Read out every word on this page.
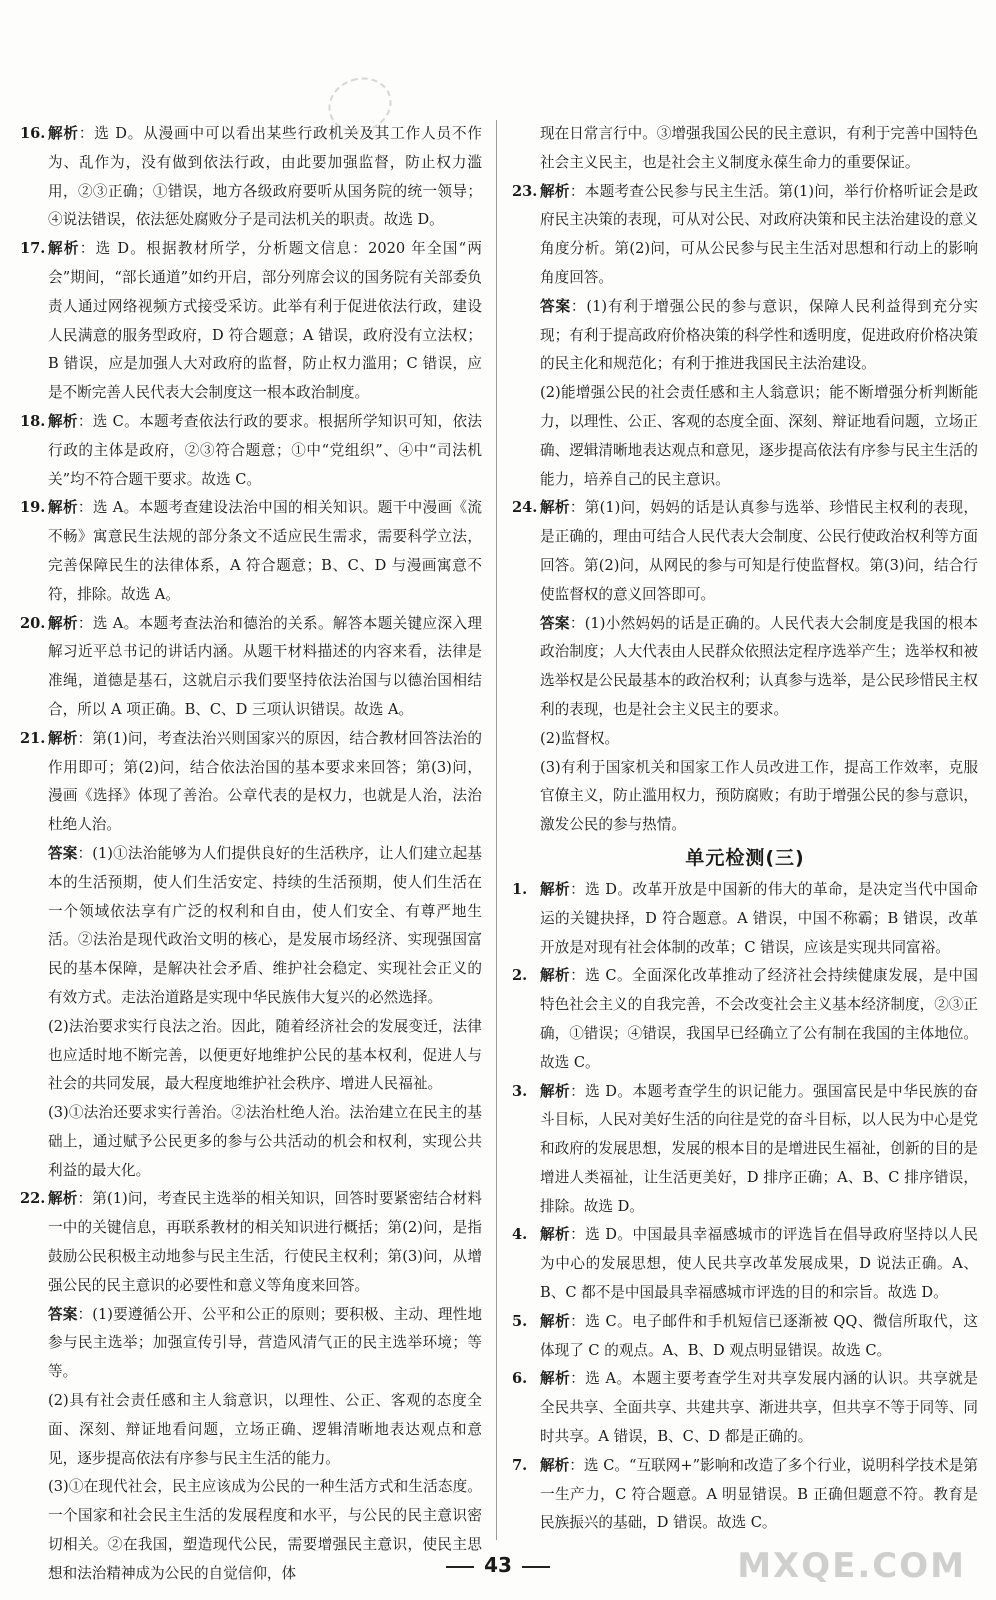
16. 解析：选 D。从漫画中可以看出某些行政机关及其工作人员不作为、乱作为，没有做到依法行政，由此要加强监督，防止权力滥用，②③正确；①错误，地方各级政府要听从国务院的统一领导；④说法错误，依法惩处腐败分子是司法机关的职责。故选 D。

17. 解析：选 D。根据教材所学，分析题文信息：2020 年全国“两会”期间，“部长通道”如约开启，部分列席会议的国务院有关部委负责人通过网络视频方式接受采访。此举有利于促进依法行政，建设人民满意的服务型政府，D 符合题意；A 错误，政府没有立法权；B 错误，应是加强人大对政府的监督，防止权力滥用；C 错误，应是不断完善人民代表大会制度这一根本政治制度。

18. 解析：选 C。本题考查依法行政的要求。根据所学知识可知，依法行政的主体是政府，②③符合题意；①中“党组织”、④中“司法机关”均不符合题干要求。故选 C。

19. 解析：选 A。本题考查建设法治中国的相关知识。题干中漫画《流不畅》寓意民生法规的部分条文不适应民生需求，需要科学立法，完善保障民生的法律体系，A 符合题意；B、C、D 与漫画寓意不符，排除。故选 A。

20. 解析：选 A。本题考查法治和德治的关系。解答本题关键应深入理解习近平总书记的讲话内涵。从题干材料描述的内容来看，法律是准绳，道德是基石，这就启示我们要坚持依法治国与以德治国相结合，所以 A 项正确。B、C、D 三项认识错误。故选 A。

21. 解析：第(1)问，考查法治兴则国家兴的原因，结合教材回答法治的作用即可；第(2)问，结合依法治国的基本要求来回答；第(3)问，漫画《选择》体现了善治。公章代表的是权力，也就是人治，法治杜绝人治。

答案：(1)①法治能够为人们提供良好的生活秩序，让人们建立起基本的生活预期，使人们生活安定、持续的生活预期，使人们生活在一个领域依法享有广泛的权利和自由，使人们安全、有尊严地生活。②法治是现代政治文明的核心，是发展市场经济、实现强国富民的基本保障，是解决社会矛盾、维护社会稳定、实现社会正义的有效方式。走法治道路是实现中华民族伟大复兴的必然选择。

(2)法治要求实行良法之治。因此，随着经济社会的发展变迁，法律也应适时地不断完善，以便更好地维护公民的基本权利，促进人与社会的共同发展，最大程度地维护社会秩序、增进人民福祉。

(3)①法治还要求实行善治。②法治杜绝人治。法治建立在民主的基础上，通过赋予公民更多的参与公共活动的机会和权利，实现公共利益的最大化。

22. 解析：第(1)问，考查民主选举的相关知识，回答时要紧密结合材料一中的关键信息，再联系教材的相关知识进行概括；第(2)问，是指鼓励公民积极主动地参与民主生活，行使民主权利；第(3)问，从增强公民的民主意识的必要性和意义等角度来回答。

答案：(1)要遵循公开、公平和公正的原则；要积极、主动、理性地参与民主选举；加强宣传引导，营造风清气正的民主选举环境；等等。

(2)具有社会责任感和主人翁意识，以理性、公正、客观的态度全面、深刻、辩证地看问题，立场正确、逻辑清晰地表达观点和意见，逐步提高依法有序参与民主生活的能力。

(3)①在现代社会，民主应该成为公民的一种生活方式和生活态度。一个国家和社会民主生活的发展程度和水平，与公民的民主意识密切相关。②在我国，塑造现代公民，需要增强民主意识，使民主思想和法治精神成为公民的自觉信仰，体

现在日常言行中。③增强我国公民的民主意识，有利于完善中国特色社会主义民主，也是社会主义制度永葆生命力的重要保证。

23. 解析：本题考查公民参与民主生活。第(1)问，举行价格听证会是政府民主决策的表现，可从对公民、对政府决策和民主法治建设的意义角度分析。第(2)问，可从公民参与民主生活对思想和行动上的影响角度回答。

答案：(1)有利于增强公民的参与意识，保障人民利益得到充分实现；有利于提高政府价格决策的科学性和透明度，促进政府价格决策的民主化和规范化；有利于推进我国民主法治建设。

(2)能增强公民的社会责任感和主人翁意识；能不断增强分析判断能力，以理性、公正、客观的态度全面、深刻、辩证地看问题，立场正确、逻辑清晰地表达观点和意见，逐步提高依法有序参与民主生活的能力，培养自己的民主意识。

24. 解析：第(1)问，妈妈的话是认真参与选举、珍惜民主权利的表现，是正确的，理由可结合人民代表大会制度、公民行使政治权利等方面回答。第(2)问，从网民的参与可知是行使监督权。第(3)问，结合行使监督权的意义回答即可。

答案：(1)小然妈妈的话是正确的。人民代表大会制度是我国的根本政治制度；人大代表由人民群众依照法定程序选举产生；选举权和被选举权是公民最基本的政治权利；认真参与选举，是公民珍惜民主权利的表现，也是社会主义民主的要求。

(2)监督权。

(3)有利于国家机关和国家工作人员改进工作，提高工作效率，克服官僚主义，防止滥用权力，预防腐败；有助于增强公民的参与意识，激发公民的参与热情。

单元检测(三)

1. 解析：选 D。改革开放是中国新的伟大的革命，是决定当代中国命运的关键抉择，D 符合题意。A 错误，中国不称霸；B 错误，改革开放是对现有社会体制的改革；C 错误，应该是实现共同富裕。

2. 解析：选 C。全面深化改革推动了经济社会持续健康发展，是中国特色社会主义的自我完善，不会改变社会主义基本经济制度，②③正确，①错误；④错误，我国早已经确立了公有制在我国的主体地位。故选 C。

3. 解析：选 D。本题考查学生的识记能力。强国富民是中华民族的奋斗目标，人民对美好生活的向往是党的奋斗目标，以人民为中心是党和政府的发展思想，发展的根本目的是增进民生福祉，创新的目的是增进人类福祉，让生活更美好，D 排序正确；A、B、C 排序错误，排除。故选 D。

4. 解析：选 D。中国最具幸福感城市的评选旨在倡导政府坚持以人民为中心的发展思想，使人民共享改革发展成果，D 说法正确。A、B、C 都不是中国最具幸福感城市评选的目的和宗旨。故选 D。

5. 解析：选 C。电子邮件和手机短信已逐渐被 QQ、微信所取代，这体现了 C 的观点。A、B、D 观点明显错误。故选 C。

6. 解析：选 A。本题主要考查学生对共享发展内涵的认识。共享就是全民共享、全面共享、共建共享、渐进共享，但共享不等于同等、同时共享。A 错误，B、C、D 都是正确的。

7. 解析：选 C。“互联网+”影响和改造了多个行业，说明科学技术是第一生产力，C 符合题意。A 明显错误。B 正确但题意不符。教育是民族振兴的基础，D 错误。故选 C。

43	MXQE.COM
